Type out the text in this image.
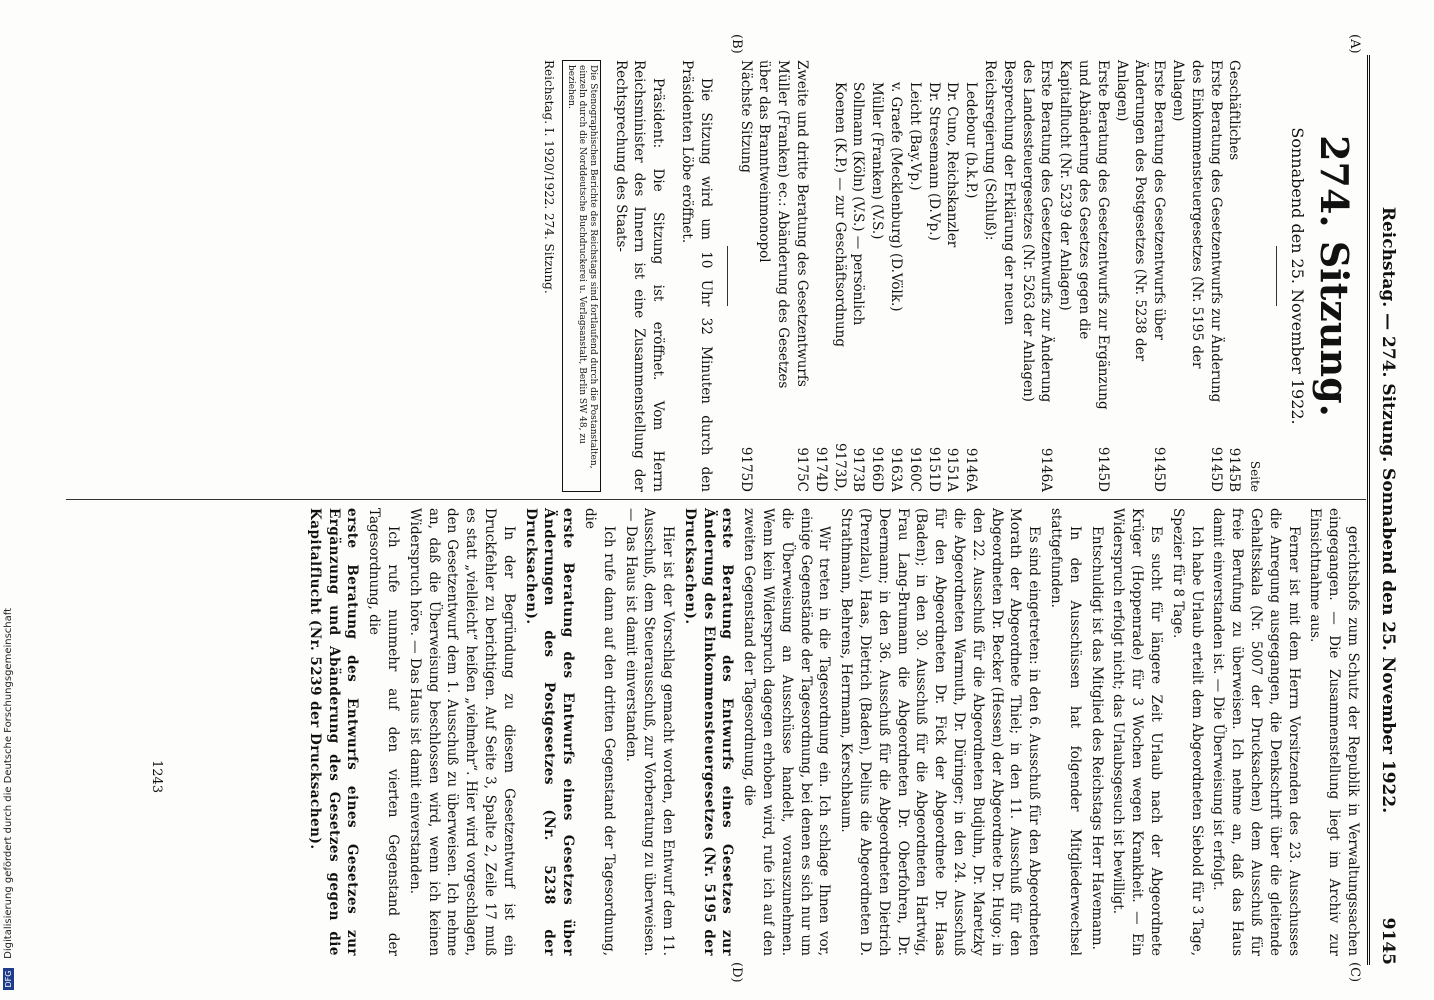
DFG Digitalisierung gefördert durch die Deutsche Forschungsgemeinschaft	Reichstag. — 274. Sitzung. Sonnabend den 25. November 1922.
9145
(A)
(B)
(C)
(D)
274. Sitzung.
Sonnabend den 25. November 1922.
Seite
Geschäftliches
9145B
Erste Beratung des Gesetzentwurfs zur Änderung des Einkommensteuergesetzes (Nr. 5195 der Anlagen)
9145D
Erste Beratung des Gesetzentwurfs über Änderungen des Postgesetzes (Nr. 5238 der Anlagen)
9145D
Erste Beratung des Gesetzentwurfs zur Ergänzung und Abänderung des Gesetzes gegen die Kapitalflucht (Nr. 5239 der Anlagen)
9145D
Erste Beratung des Gesetzentwurfs zur Änderung des Landessteuergesetzes (Nr. 5263 der Anlagen)
9146A
Besprechung der Erklärung der neuen Reichsregierung (Schluß):
Ledebour (b.k.P.)
9146A
Dr. Cuno, Reichskanzler
9151A
Dr. Stresemann (D.Vp.)
9151D
Leicht (Bay.Vp.)
9160C
v. Graefe (Mecklenburg) (D.Völk.)
9163A
Müller (Franken) (V.S.)
9166D
Sollmann (Köln) (V.S.) — persönlich
9173B
Koenen (K.P.) — zur Geschäftsordnung
9173D, 9174D
Zweite und dritte Beratung des Gesetzentwurfs Müller (Franken) ec.: Abänderung des Gesetzes über das Branntweinmonopol
9175C
Nächste Sitzung
9175D

Die Sitzung wird um 10 Uhr 32 Minuten durch den Präsidenten Löbe eröffnet.

Präsident: Die Sitzung ist eröffnet. Vom Herrn Reichsminister des Innern ist eine Zusammenstellung der Rechtsprechung des Staats-

Die Stenographischen Berichte des Reichstags sind fortlaufend durch die Postanstalten, einzeln durch die Norddeutsche Buchdruckerei u. Verlagsanstalt, Berlin SW 48, zu beziehen.
Reichstag. I. 1920/1922. 274. Sitzung.

gerichtshofs zum Schutz der Republik in Verwaltungssachen eingegangen. — Die Zusammenstellung liegt im Archiv zur Einsichtnahme aus.

Ferner ist mit dem Herrn Vorsitzenden des 23. Ausschusses die Anregung ausgegangen, die Denkschrift über die gleitende Gehaltsskala (Nr. 5007 der Drucksachen) dem Ausschuß für freie Berufung zu überweisen. Ich nehme an, daß das Haus damit einverstanden ist. — Die Überweisung ist erfolgt.

Ich habe Urlaub erteilt dem Abgeordneten Siebold für 3 Tage, Spezier für 8 Tage.

Es sucht für längere Zeit Urlaub nach der Abgeordnete Krüger (Hoppenrade) für 3 Wochen wegen Krankheit. — Ein Widerspruch erfolgt nicht; das Urlaubsgesuch ist bewilligt.

Entschuldigt ist das Mitglied des Reichstags Herr Havemann.

In den Ausschüssen hat folgender Mitgliederwechsel stattgefunden.

Es sind eingetreten: in den 6. Ausschuß für den Abgeordneten Morath der Abgeordnete Thiel; in den 11. Ausschuß für den Abgeordneten Dr. Becker (Hessen) der Abgeordnete Dr. Hugo; in den 22. Ausschuß für die Abgeordneten Budjuhn, Dr. Maretzky die Abgeordneten Warmuth, Dr. Düringer; in den 24. Ausschuß für den Abgeordneten Dr. Fick der Abgeordnete Dr. Haas (Baden); in den 30. Ausschuß für die Abgeordneten Hartwig, Frau Lang-Brumann die Abgeordneten Dr. Oberfohren, Dr. Deermann; in den 36. Ausschuß für die Abgeordneten Dietrich (Prenzlau), Haas, Dietrich (Baden), Delius die Abgeordneten D. Strathmann, Behrens, Herrmann, Kerschbaum.

Wir treten in die Tagesordnung ein. Ich schlage Ihnen vor, einige Gegenstände der Tagesordnung, bei denen es sich nur um die Überweisung an Ausschüsse handelt, vorauszunehmen. Wenn kein Widerspruch dagegen erhoben wird, rufe ich auf den zweiten Gegenstand der Tagesordnung, die

erste Beratung des Entwurfs eines Gesetzes zur Änderung des Einkommensteuergesetzes (Nr. 5195 der Drucksachen).

Hier ist der Vorschlag gemacht worden, den Entwurf dem 11. Ausschuß, dem Steuerausschuß, zur Vorberatung zu überweisen. — Das Haus ist damit einverstanden.

Ich rufe dann auf den dritten Gegenstand der Tagesordnung, die

erste Beratung des Entwurfs eines Gesetzes über Änderungen des Postgesetzes (Nr. 5238 der Drucksachen).

In der Begründung zu diesem Gesetzentwurf ist ein Druckfehler zu berichtigen. Auf Seite 3, Spalte 2, Zeile 17 muß es statt „vielleicht“ heißen „vielmehr“. Hier wird vorgeschlagen, den Gesetzentwurf dem 1. Ausschuß zu überweisen. Ich nehme an, daß die Überweisung beschlossen wird, wenn ich keinen Widerspruch höre. — Das Haus ist damit einverstanden.

Ich rufe nunmehr auf den vierten Gegenstand der Tagesordnung, die

erste Beratung des Entwurfs eines Gesetzes zur Ergänzung und Abänderung des Gesetzes gegen die Kapitalflucht (Nr. 5239 der Drucksachen).

1243
